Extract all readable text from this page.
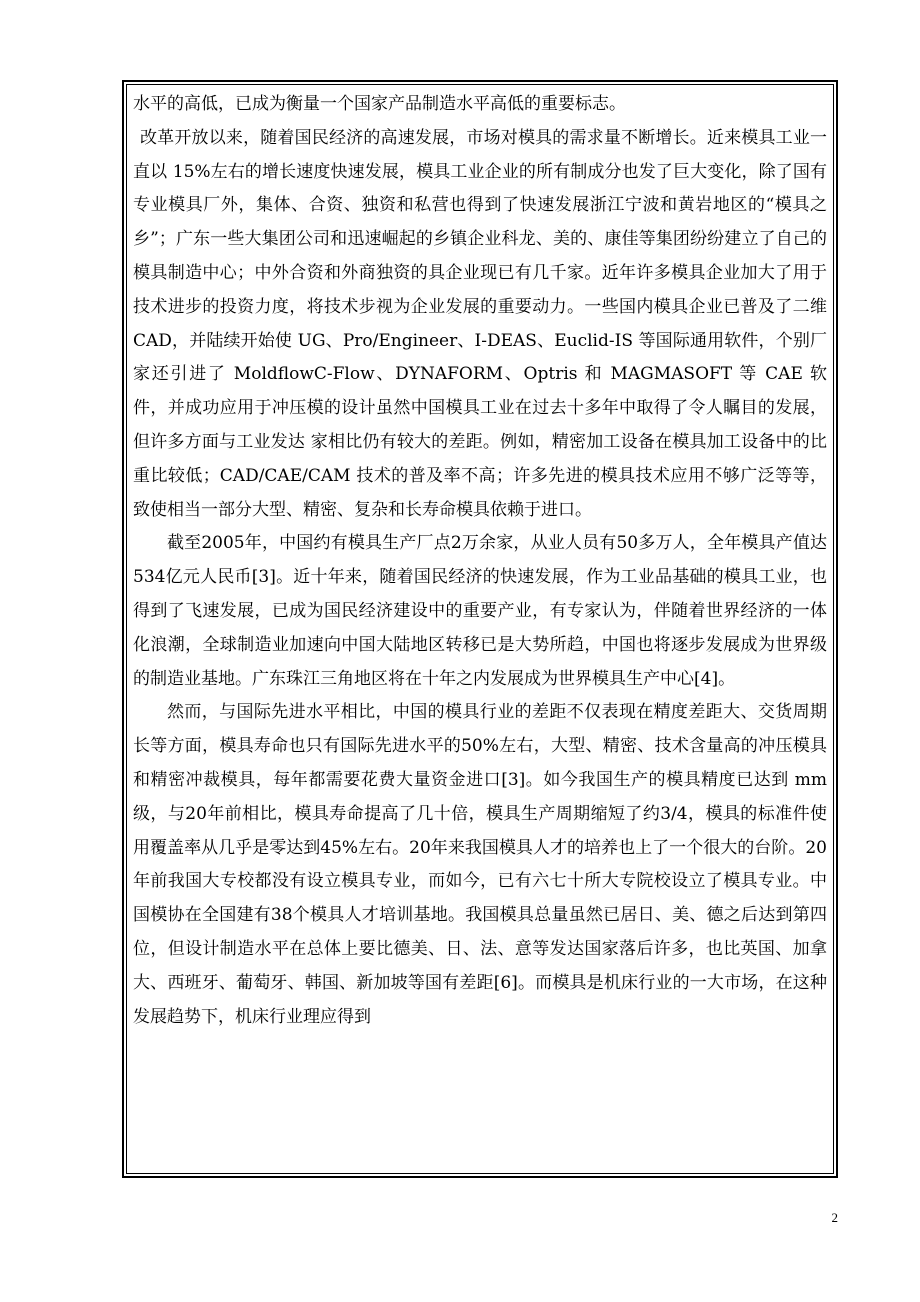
水平的高低，已成为衡量一个国家产品制造水平高低的重要标志。

改革开放以来，随着国民经济的高速发展，市场对模具的需求量不断增长。近来模具工业一直以 15%左右的增长速度快速发展，模具工业企业的所有制成分也发了巨大变化，除了国有专业模具厂外，集体、合资、独资和私营也得到了快速发展浙江宁波和黄岩地区的“模具之乡”；广东一些大集团公司和迅速崛起的乡镇企业科龙、美的、康佳等集团纷纷建立了自己的模具制造中心；中外合资和外商独资的具企业现已有几千家。近年许多模具企业加大了用于技术进步的投资力度，将技术步视为企业发展的重要动力。一些国内模具企业已普及了二维 CAD，并陆续开始使 UG、Pro/Engineer、I-DEAS、Euclid-IS 等国际通用软件，个别厂家还引进了 MoldflowC-Flow、DYNAFORM、Optris 和 MAGMASOFT 等 CAE 软件，并成功应用于冲压模的设计虽然中国模具工业在过去十多年中取得了令人瞩目的发展，但许多方面与工业发达 家相比仍有较大的差距。例如，精密加工设备在模具加工设备中的比重比较低；CAD/CAE/CAM 技术的普及率不高；许多先进的模具技术应用不够广泛等等，致使相当一部分大型、精密、复杂和长寿命模具依赖于进口。

截至2005年，中国约有模具生产厂点2万余家，从业人员有50多万人，全年模具产值达534亿元人民币[3]。近十年来，随着国民经济的快速发展，作为工业品基础的模具工业，也得到了飞速发展，已成为国民经济建设中的重要产业，有专家认为，伴随着世界经济的一体化浪潮，全球制造业加速向中国大陆地区转移已是大势所趋，中国也将逐步发展成为世界级的制造业基地。广东珠江三角地区将在十年之内发展成为世界模具生产中心[4]。

然而，与国际先进水平相比，中国的模具行业的差距不仅表现在精度差距大、交货周期长等方面，模具寿命也只有国际先进水平的50%左右，大型、精密、技术含量高的冲压模具和精密冲裁模具，每年都需要花费大量资金进口[3]。如今我国生产的模具精度已达到 mm 级，与20年前相比，模具寿命提高了几十倍，模具生产周期缩短了约3/4，模具的标准件使用覆盖率从几乎是零达到45%左右。20年来我国模具人才的培养也上了一个很大的台阶。20年前我国大专校都没有设立模具专业，而如今，已有六七十所大专院校设立了模具专业。中国模协在全国建有38个模具人才培训基地。我国模具总量虽然已居日、美、德之后达到第四位，但设计制造水平在总体上要比德美、日、法、意等发达国家落后许多，也比英国、加拿大、西班牙、葡萄牙、韩国、新加坡等国有差距[6]。而模具是机床行业的一大市场，在这种发展趋势下，机床行业理应得到

2
